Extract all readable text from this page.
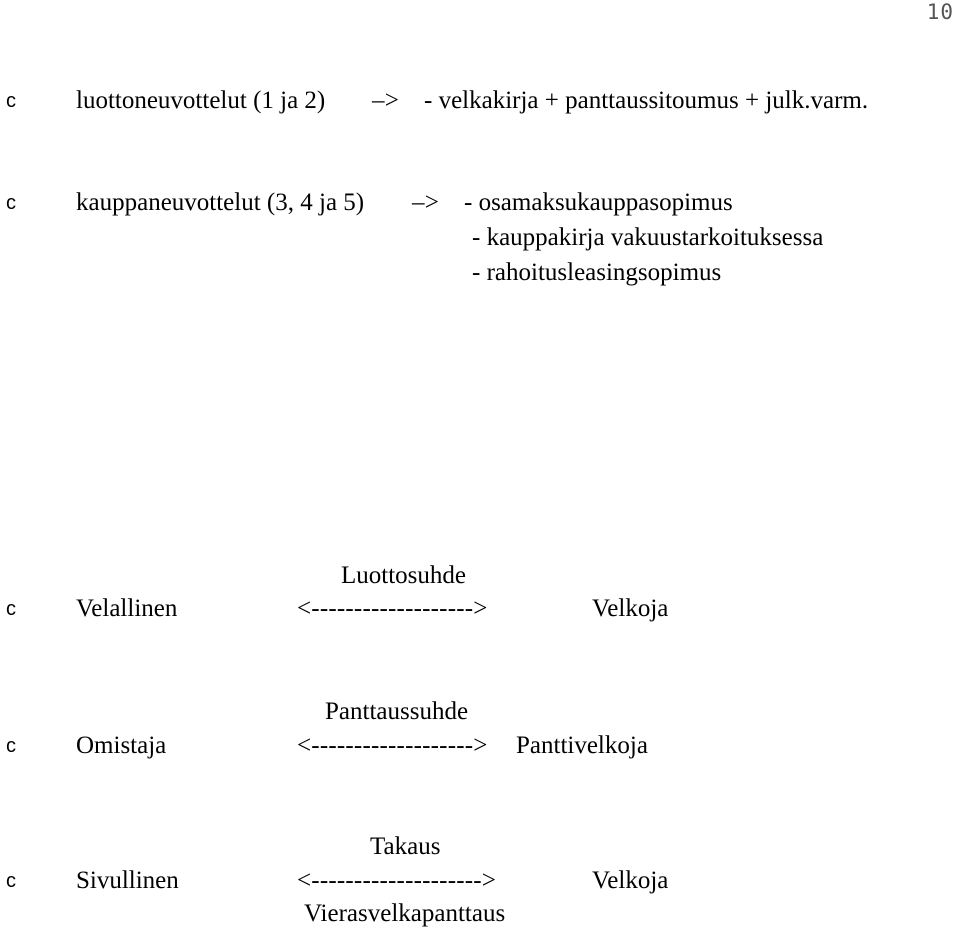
10
c luottoneuvottelut (1 ja 2) –> - velkakirja + panttaussitoumus + julk.varm.
c kauppaneuvottelut (3, 4 ja 5) –> - osamaksukauppasopimus
- kauppakirja vakuustarkoituksessa
- rahoitusleasingsopimus
Luottosuhde
c Velallinen	<------------------->	Velkoja
Panttaussuhde
c Omistaja	<-------------------> Panttivelkoja
Takaus
c Sivullinen	<-------------------->	Velkoja
Vierasvelkapanttaus
